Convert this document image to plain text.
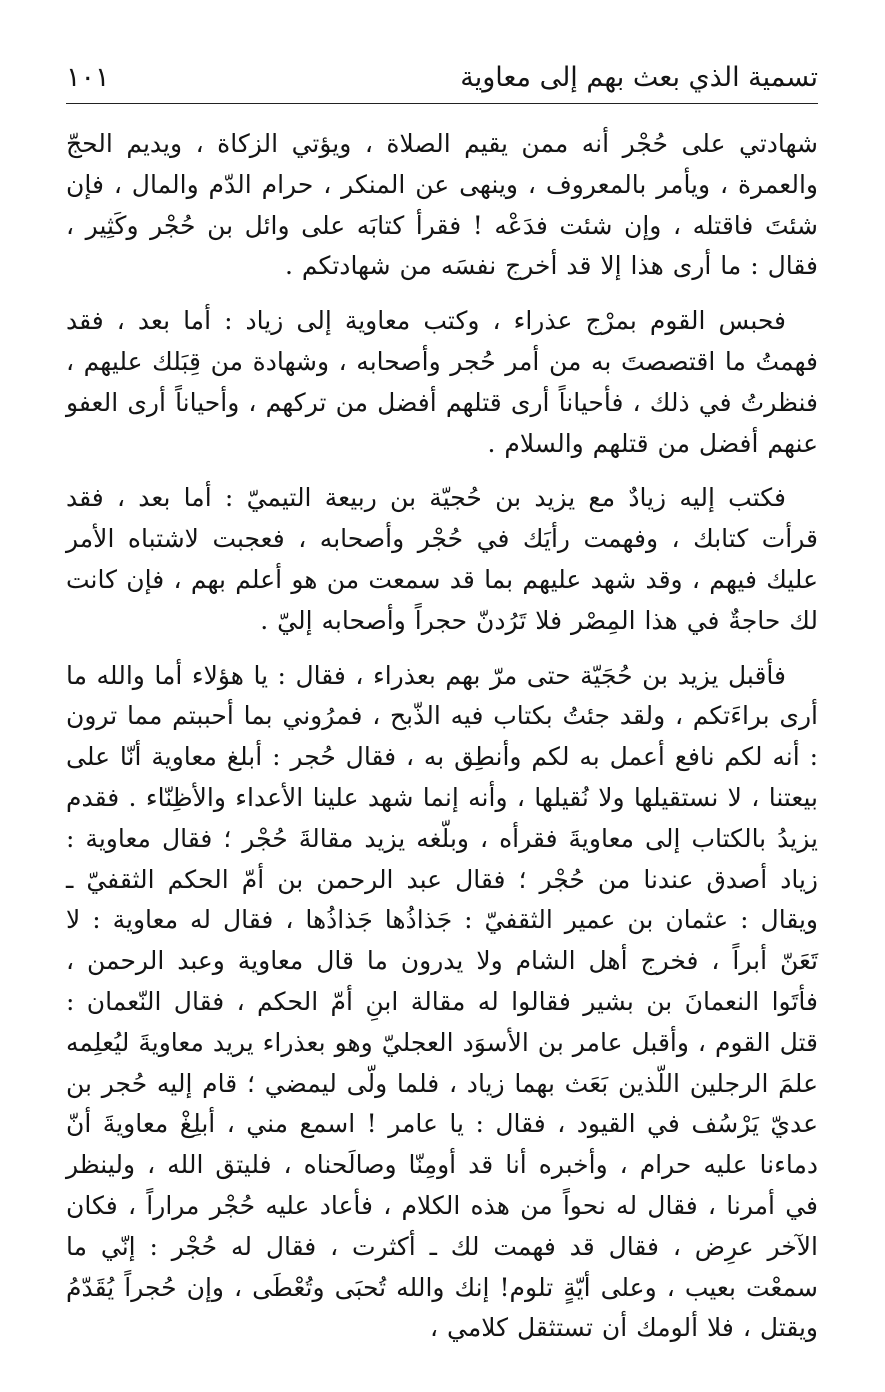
تسمية الذي بعث بهم إلى معاوية
١٠١

شهادتي على حُجْر أنه ممن يقيم الصلاة ، ويؤتي الزكاة ، ويديم الحجّ والعمرة ، ويأمر بالمعروف ، وينهى عن المنكر ، حرام الدّم والمال ، فإن شئتَ فاقتله ، وإن شئت فدَعْه ! فقرأ كتابَه على وائل بن حُجْر وكَثِير ، فقال : ما أرى هذا إلا قد أخرج نفسَه من شهادتكم .

فحبس القوم بمرْج عذراء ، وكتب معاوية إلى زياد : أما بعد ، فقد فهمتُ ما اقتصصتَ به من أمر حُجر وأصحابه ، وشهادة من قِبَلك عليهم ، فنظرتُ في ذلك ، فأحياناً أرى قتلهم أفضل من تركهم ، وأحياناً أرى العفو عنهم أفضل من قتلهم والسلام .

فكتب إليه زيادٌ مع يزيد بن حُجيّة بن ربيعة التيميّ : أما بعد ، فقد قرأت كتابك ، وفهمت رأيَك في حُجْر وأصحابه ، فعجبت لاشتباه الأمر عليك فيهم ، وقد شهد عليهم بما قد سمعت من هو أعلم بهم ، فإن كانت لك حاجةٌ في هذا المِصْر فلا تَرُدنّ حجراً وأصحابه إليّ .

فأقبل يزيد بن حُجَيّة حتى مرّ بهم بعذراء ، فقال : يا هؤلاء أما والله ما أرى براءَتكم ، ولقد جئتُ بكتاب فيه الذّبح ، فمرُوني بما أحببتم مما ترون : أنه لكم نافع أعمل به لكم وأنطِق به ، فقال حُجر : أبلغ معاوية أنّا على بيعتنا ، لا نستقيلها ولا نُقيلها ، وأنه إنما شهد علينا الأعداء والأظِنّاء . فقدم يزيدُ بالكتاب إلى معاويةَ فقرأه ، وبلّغه يزيد مقالةَ حُجْر ؛ فقال معاوية : زياد أصدق عندنا من حُجْر ؛ فقال عبد الرحمن بن أمّ الحكم الثقفيّ ـ ويقال : عثمان بن عمير الثقفيّ : جَذاذُها جَذاذُها ، فقال له معاوية : لا تَعَنّ أبراً ، فخرج أهل الشام ولا يدرون ما قال معاوية وعبد الرحمن ، فأتَوا النعمانَ بن بشير فقالوا له مقالة ابنِ أمّ الحكم ، فقال النّعمان : قتل القوم ، وأقبل عامر بن الأسوَد العجليّ وهو بعذراء يريد معاويةَ ليُعلِمه علمَ الرجلين اللّذين بَعَث بهما زياد ، فلما ولّى ليمضي ؛ قام إليه حُجر بن عديّ يَرْسُف في القيود ، فقال : يا عامر ! اسمع مني ، أبلِغْ معاويةَ أنّ دماءنا عليه حرام ، وأخبره أنا قد أومِنّا وصالَحناه ، فليتق الله ، ولينظر في أمرنا ، فقال له نحواً من هذه الكلام ، فأعاد عليه حُجْر مراراً ، فكان الآخر عرِض ، فقال قد فهمت لك ـ أكثرت ، فقال له حُجْر : إنّي ما سمعْت بعيب ، وعلى أيّةٍ تلوم! إنك والله تُحبَى وتُعْطَى ، وإن حُجراً يُقَدّمُ ويقتل ، فلا ألومك أن تستثقل كلامي ،
